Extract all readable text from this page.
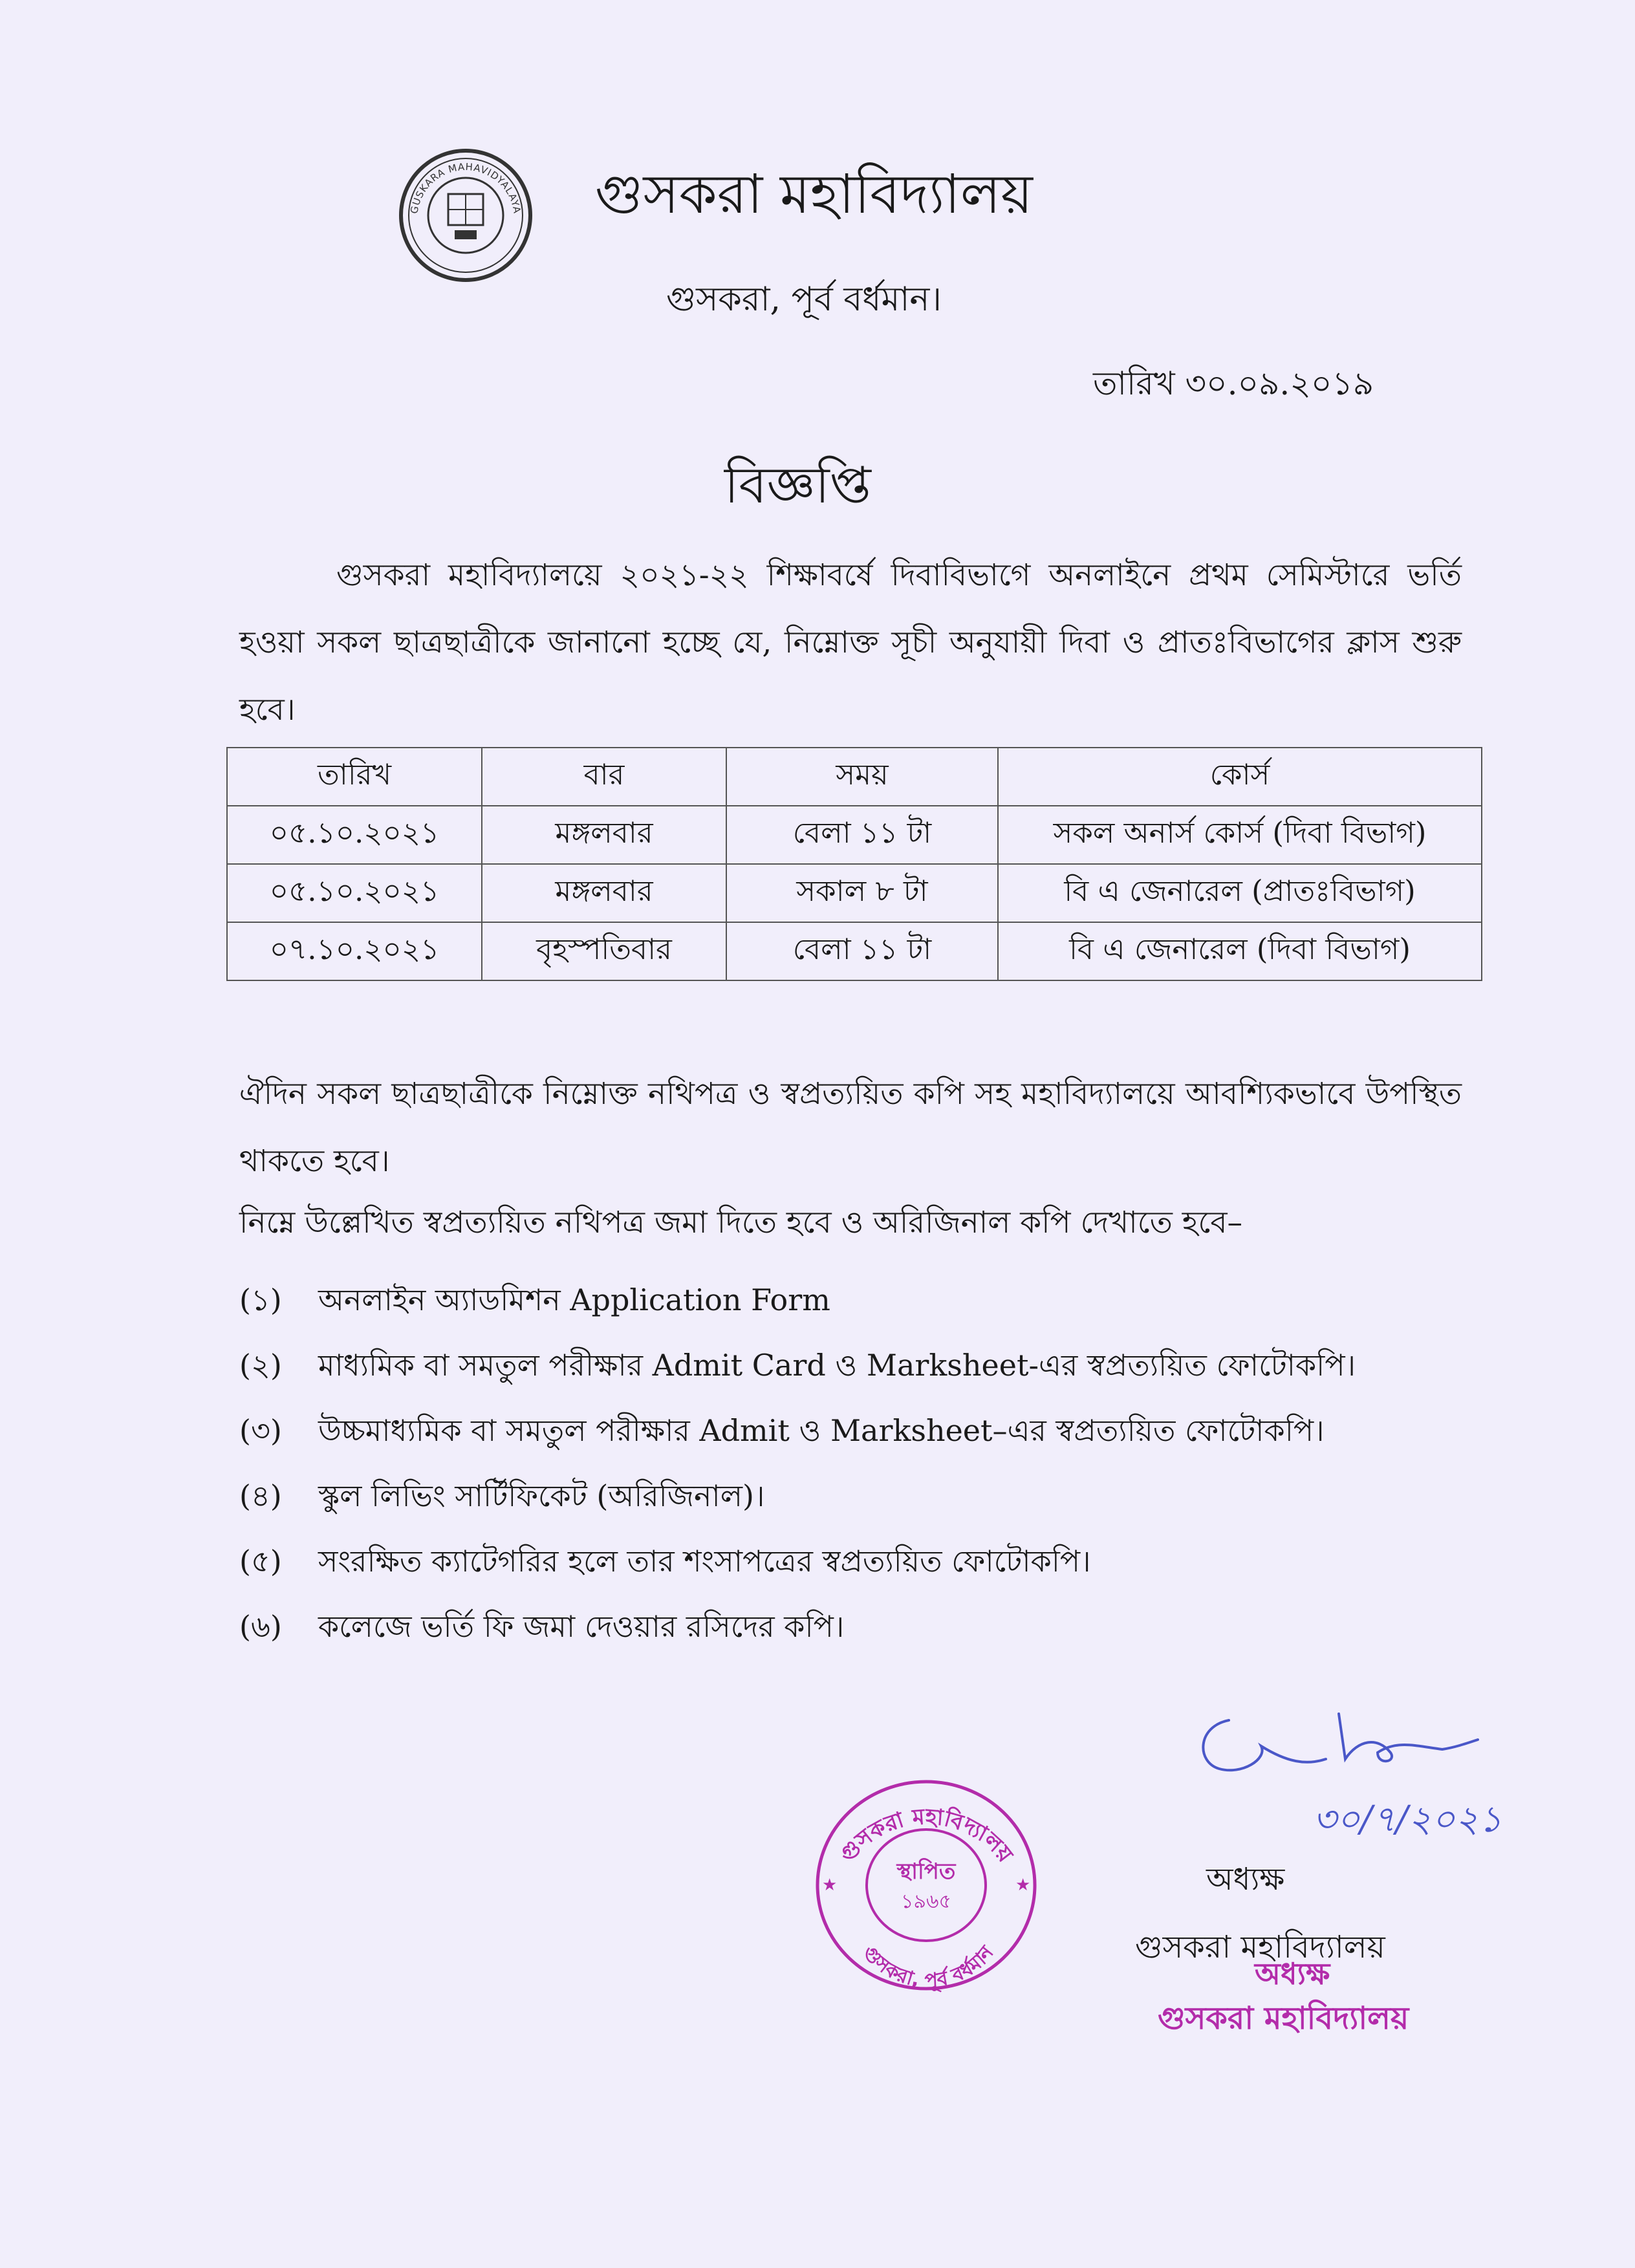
GUSKARA MAHAVIDYALAYA গুসকরা মহাবিদ্যালয়
গুসকরা, পূর্ব বর্ধমান।
তারিখ ৩০.০৯.২০১৯
বিজ্ঞপ্তি

গুসকরা মহাবিদ্যালয়ে ২০২১-২২ শিক্ষাবর্ষে দিবাবিভাগে অনলাইনে প্রথম সেমিস্টারে ভর্তি হওয়া সকল ছাত্রছাত্রীকে জানানো হচ্ছে যে, নিম্নোক্ত সূচী অনুযায়ী দিবা ও প্রাতঃবিভাগের ক্লাস শুরু হবে।

তারিখ	বার	সময়	কোর্স
০৫.১০.২০২১	মঙ্গলবার	বেলা ১১ টা	সকল অনার্স কোর্স (দিবা বিভাগ)
০৫.১০.২০২১	মঙ্গলবার	সকাল ৮ টা	বি এ জেনারেল (প্রাতঃবিভাগ)
০৭.১০.২০২১	বৃহস্পতিবার	বেলা ১১ টা	বি এ জেনারেল (দিবা বিভাগ)

ঐদিন সকল ছাত্রছাত্রীকে নিম্নোক্ত নথিপত্র ও স্বপ্রত্যয়িত কপি সহ মহাবিদ্যালয়ে আবশ্যিকভাবে উপস্থিত থাকতে হবে।

নিম্নে উল্লেখিত স্বপ্রত্যয়িত নথিপত্র জমা দিতে হবে ও অরিজিনাল কপি দেখাতে হবে–
(১)	অনলাইন অ্যাডমিশন Application Form
(২)	মাধ্যমিক বা সমতুল পরীক্ষার Admit Card ও Marksheet-এর স্বপ্রত্যয়িত ফোটোকপি।
(৩)	উচ্চমাধ্যমিক বা সমতুল পরীক্ষার Admit ও Marksheet–এর স্বপ্রত্যয়িত ফোটোকপি।
(৪)	স্কুল লিভিং সার্টিফিকেট (অরিজিনাল)।
(৫)	সংরক্ষিত ক্যাটেগরির হলে তার শংসাপত্রের স্বপ্রত্যয়িত ফোটোকপি।
(৬)	কলেজে ভর্তি ফি জমা দেওয়ার রসিদের কপি।
গুসকরা মহাবিদ্যালয়
গুসকরা, পূর্ব বর্ধমান
স্থাপিত
১৯৬৫
★	★
৩০/৭/২০২১
অধ্যক্ষ
গুসকরা মহাবিদ্যালয়
অধ্যক্ষ
গুসকরা মহাবিদ্যালয়
